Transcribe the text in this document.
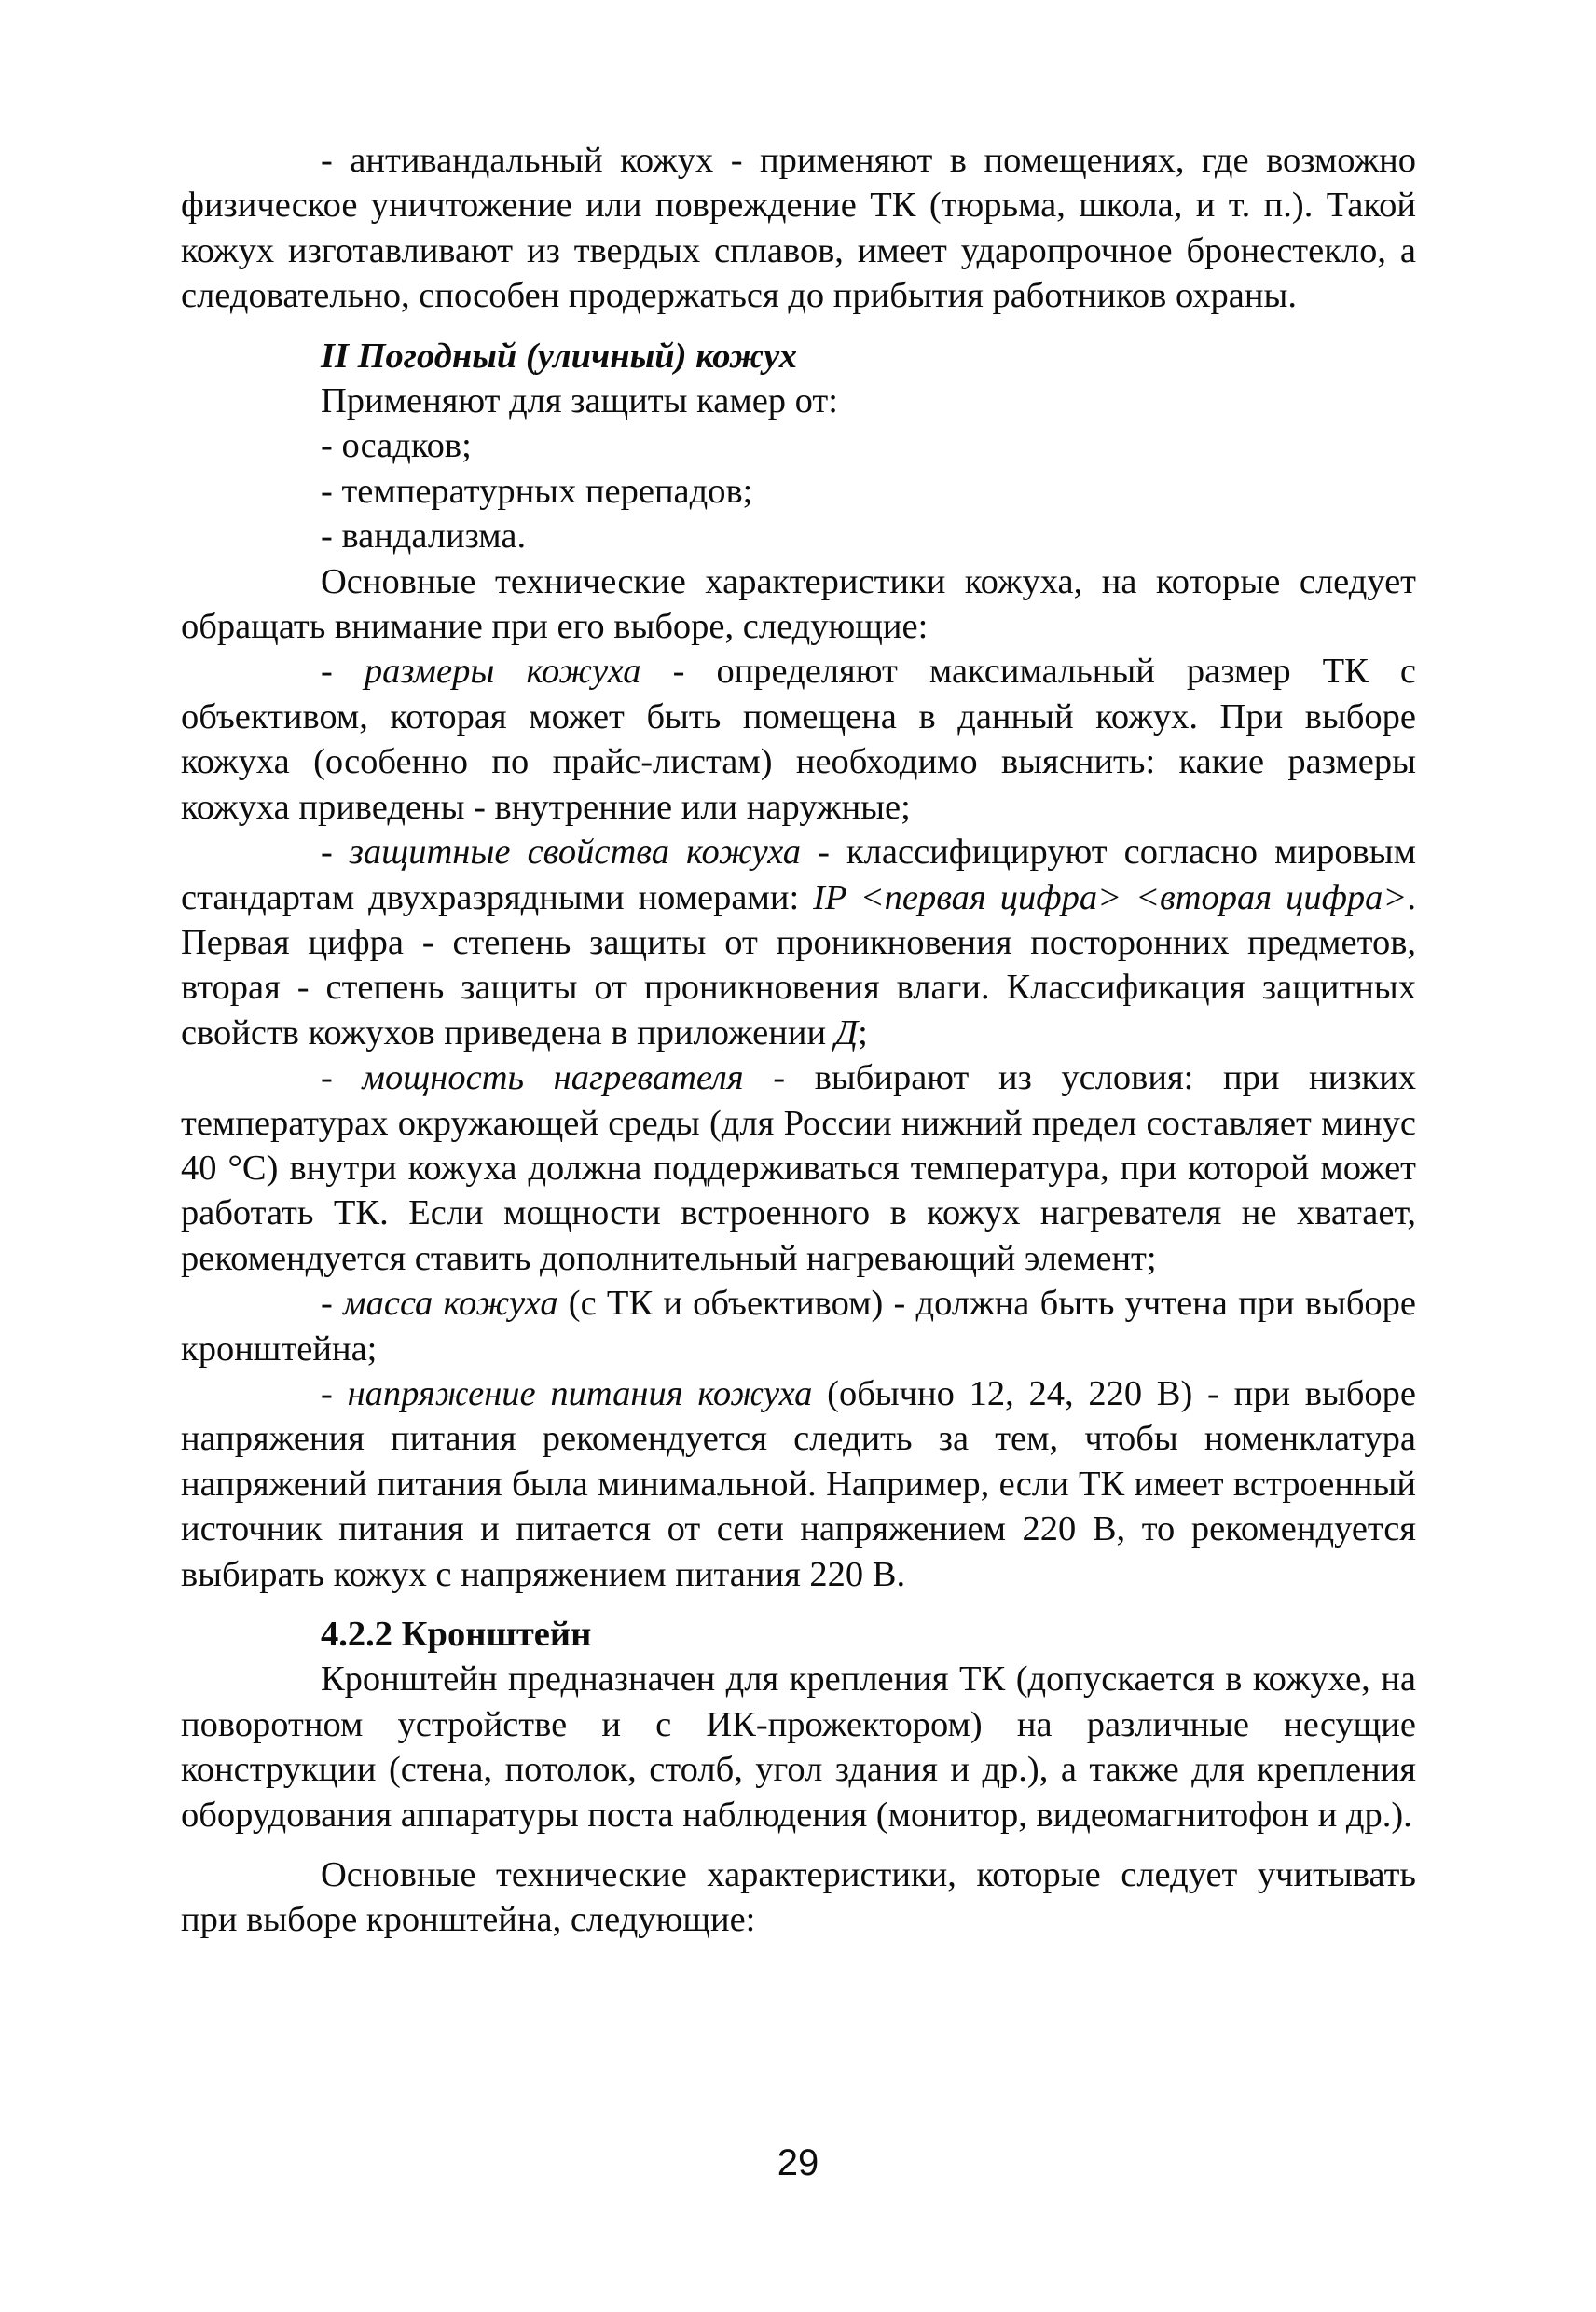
- антивандальный кожух - применяют в помещениях, где возможно физическое уничтожение или повреждение ТК (тюрьма, школа, и т. п.). Такой кожух изготавливают из твердых сплавов, имеет ударопрочное бронестекло, а следовательно, способен продержаться до прибытия работников охраны.

II Погодный (уличный) кожух

Применяют для защиты камер от:

- осадков;

- температурных перепадов;

- вандализма.

Основные технические характеристики кожуха, на которые следует обращать внимание при его выборе, следующие:

- размеры кожуха - определяют максимальный размер ТК с объективом, которая может быть помещена в данный кожух. При выборе кожуха (особенно по прайс-листам) необходимо выяснить: какие размеры кожуха приведены - внутренние или наружные;

- защитные свойства кожуха - классифицируют согласно мировым стандартам двухразрядными номерами: IP <первая цифра> <вторая цифра>. Первая цифра - степень защиты от проникновения посторонних предметов, вторая - степень защиты от проникновения влаги. Классификация защитных свойств кожухов приведена в приложении Д;

- мощность нагревателя - выбирают из условия: при низких температурах окружающей среды (для России нижний предел составляет минус 40 °С) внутри кожуха должна поддерживаться температура, при которой может работать ТК. Если мощности встроенного в кожух нагревателя не хватает, рекомендуется ставить дополнительный нагревающий элемент;

- масса кожуха (с ТК и объективом) - должна быть учтена при выборе кронштейна;

- напряжение питания кожуха (обычно 12, 24, 220 В) - при выборе напряжения питания рекомендуется следить за тем, чтобы номенклатура напряжений питания была минимальной. Например, если ТК имеет встроенный источник питания и питается от сети напряжением 220 В, то рекомендуется выбирать кожух с напряжением питания 220 В.

4.2.2 Кронштейн

Кронштейн предназначен для крепления ТК (допускается в кожухе, на поворотном устройстве и с ИК-прожектором) на различные несущие конструкции (стена, потолок, столб, угол здания и др.), а также для крепления оборудования аппаратуры поста наблюдения (монитор, видеомагнитофон и др.).

Основные технические характеристики, которые следует учитывать при выборе кронштейна, следующие:

29
